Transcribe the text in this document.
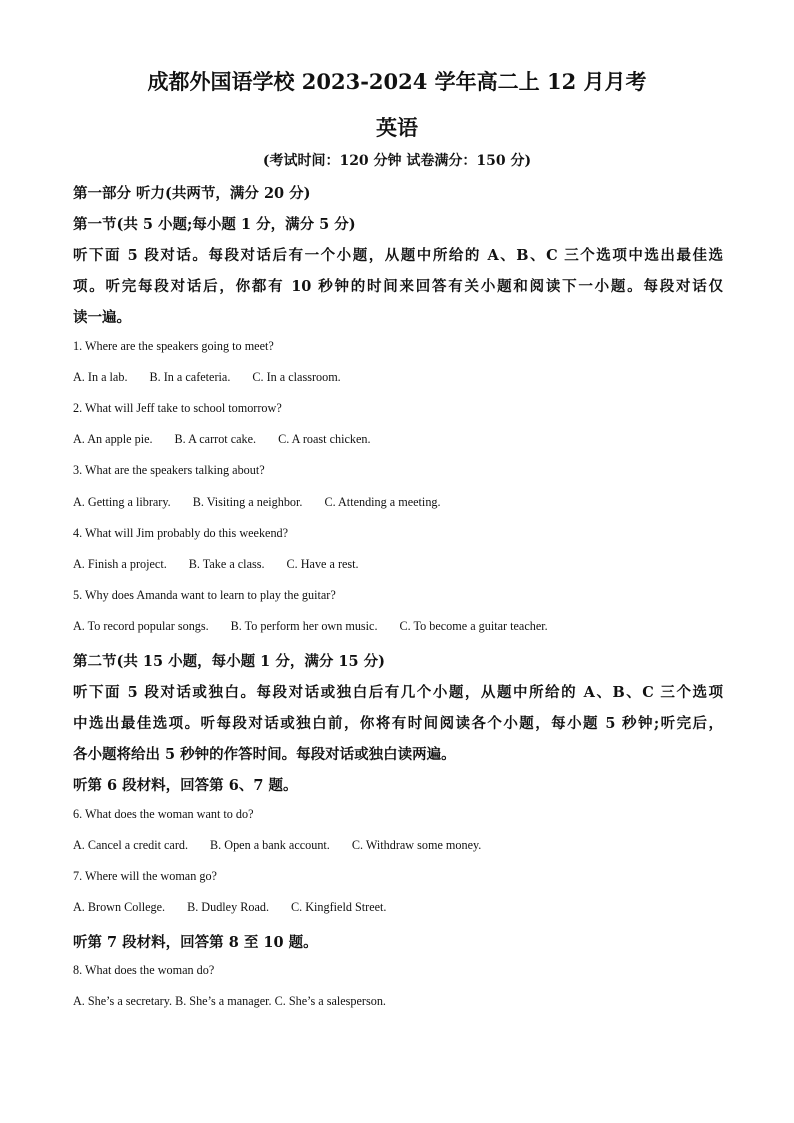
成都外国语学校 2023-2024 学年高二上 12 月月考
英语
(考试时间：120 分钟 试卷满分：150 分)
第一部分 听力(共两节，满分 20 分)
第一节(共 5 小题;每小题 1 分，满分 5 分)
听下面 5 段对话。每段对话后有一个小题，从题中所给的 A、B、C 三个选项中选出最佳选
项。听完每段对话后，你都有 10 秒钟的时间来回答有关小题和阅读下一小题。每段对话仅
读一遍。
1. Where are the speakers going to meet?
A. In a lab. B. In a cafeteria. C. In a classroom.
2. What will Jeff take to school tomorrow?
A. An apple pie. B. A carrot cake. C. A roast chicken.
3. What are the speakers talking about?
A. Getting a library. B. Visiting a neighbor. C. Attending a meeting.
4. What will Jim probably do this weekend?
A. Finish a project. B. Take a class. C. Have a rest.
5. Why does Amanda want to learn to play the guitar?
A. To record popular songs. B. To perform her own music. C. To become a guitar teacher.
第二节(共 15 小题，每小题 1 分，满分 15 分)
听下面 5 段对话或独白。每段对话或独白后有几个小题，从题中所给的 A、B、C 三个选项
中选出最佳选项。听每段对话或独白前，你将有时间阅读各个小题，每小题 5 秒钟;听完后，
各小题将给出 5 秒钟的作答时间。每段对话或独白读两遍。
听第 6 段材料，回答第 6、7 题。
6. What does the woman want to do?
A. Cancel a credit card. B. Open a bank account. C. Withdraw some money.
7. Where will the woman go?
A. Brown College. B. Dudley Road. C. Kingfield Street.
听第 7 段材料，回答第 8 至 10 题。
8. What does the woman do?
A. She’s a secretary. B. She’s a manager. C. She’s a salesperson.
